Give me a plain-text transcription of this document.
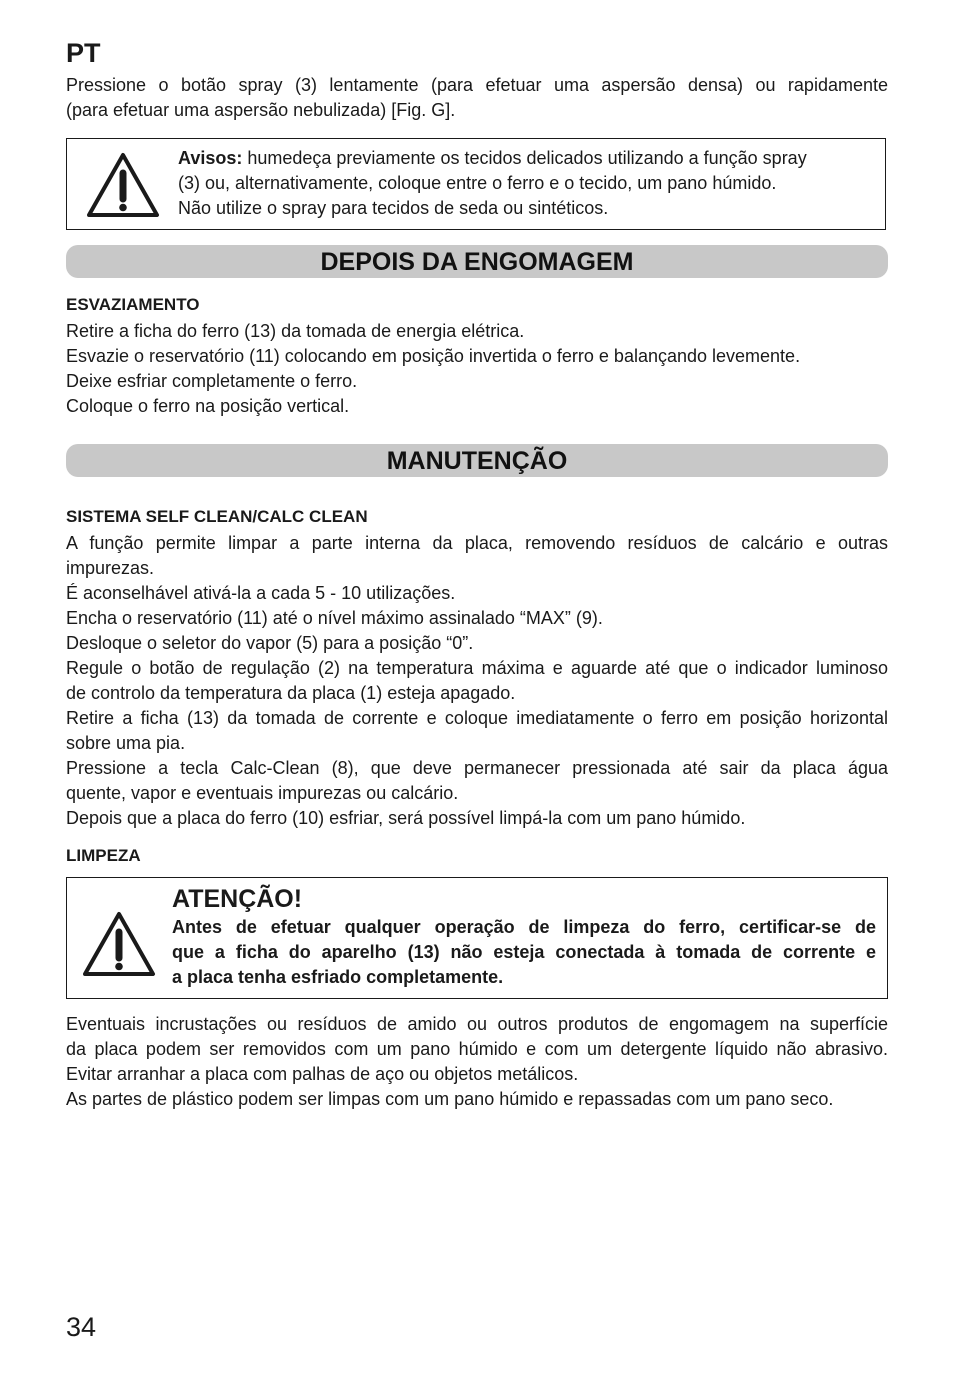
PT

Pressione o botão spray (3) lentamente (para efetuar uma aspersão densa) ou rapidamente

(para efetuar uma aspersão nebulizada) [Fig. G].

Avisos: humedeça previamente os tecidos delicados utilizando a função spray
(3) ou, alternativamente, coloque entre o ferro e o tecido, um pano húmido.
Não utilize o spray para tecidos de seda ou sintéticos.
DEPOIS DA ENGOMAGEM

ESVAZIAMENTO

Retire a ficha do ferro (13) da tomada de energia elétrica.

Esvazie o reservatório (11) colocando em posição invertida o ferro e balançando levemente.

Deixe esfriar completamente o ferro.

Coloque o ferro na posição vertical.

MANUTENÇÃO

SISTEMA SELF CLEAN/CALC CLEAN

A função permite limpar a parte interna da placa, removendo resíduos de calcário e outras

impurezas.

É aconselhável ativá-la a cada 5 - 10 utilizações.

Encha o reservatório (11) até o nível máximo assinalado “MAX” (9).

Desloque o seletor do vapor (5) para a posição “0”.

Regule o botão de regulação (2) na temperatura máxima e aguarde até que o indicador luminoso

de controlo da temperatura da placa (1) esteja apagado.

Retire a ficha (13) da tomada de corrente e coloque imediatamente o ferro em posição horizontal

sobre uma pia.

Pressione a tecla Calc-Clean (8), que deve permanecer pressionada até sair da placa água

quente, vapor e eventuais impurezas ou calcário.

Depois que a placa do ferro (10) esfriar, será possível limpá-la com um pano húmido.

LIMPEZA

ATENÇÃO!
Antes de efetuar qualquer operação de limpeza do ferro, certificar-se de
que a ficha do aparelho (13) não esteja conectada à tomada de corrente e
a placa tenha esfriado completamente.

Eventuais incrustações ou resíduos de amido ou outros produtos de engomagem na superfície

da placa podem ser removidos com um pano húmido e com um detergente líquido não abrasivo.

Evitar arranhar a placa com palhas de aço ou objetos metálicos.

As partes de plástico podem ser limpas com um pano húmido e repassadas com um pano seco.

34
